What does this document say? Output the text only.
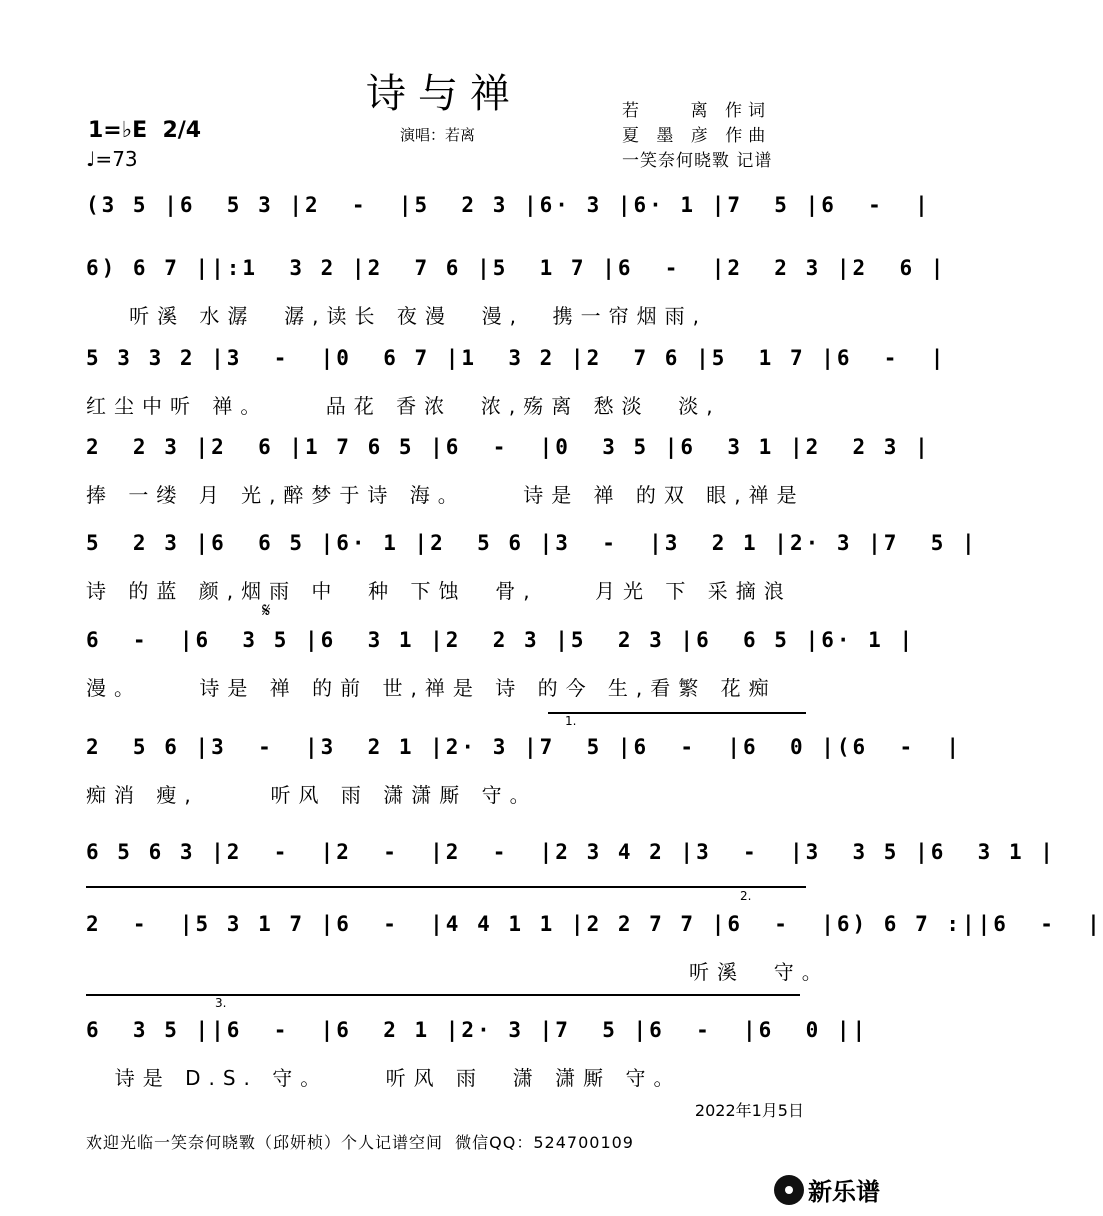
诗与禅	若    离 作词
夏 墨 彦 作曲
一笑奈何晓斁 记谱
1=♭E  2/4
♩=73
演唱：若离
(3 5 |6  5 3 |2  -  |5  2 3 |6· 3 |6· 1 |7  5 |6  -  |
6) 6 7 ||:1  3 2 |2  7 6 |5  1 7 |6  -  |2  2 3 |2  6 |
听溪 水潺  潺,读长 夜漫  漫,  携一帘烟雨,
5 3 3 2 |3  -  |0  6 7 |1  3 2 |2  7 6 |5  1 7 |6  -  |
红尘中听 禅。    品花 香浓  浓,殇离 愁淡  淡,
2  2 3 |2  6 |1 7 6 5 |6  -  |0  3 5 |6  3 1 |2  2 3 |
捧 一缕 月 光,醉梦于诗 海。    诗是 禅 的双 眼,禅是
5  2 3 |6  6 5 |6· 1 |2  5 6 |3  -  |3  2 1 |2· 3 |7  5 |
诗 的蓝 颜,烟雨 中  种 下蚀  骨,    月光 下 采摘浪
𝄋
6  -  |6  3 5 |6  3 1 |2  2 3 |5  2 3 |6  6 5 |6· 1 |
漫。    诗是 禅 的前 世,禅是 诗 的今 生,看繁 花痴
1.
2  5 6 |3  -  |3  2 1 |2· 3 |7  5 |6  -  |6  0 |(6  -  |
痴消 瘦,     听风 雨 潇潇厮 守。
6 5 6 3 |2  -  |2  -  |2  -  |2 3 4 2 |3  -  |3  3 5 |6  3 1 |
2.
2  -  |5 3 1 7 |6  -  |4 4 1 1 |2 2 7 7 |6  -  |6) 6 7 :||6  -  |
听溪  守。
3.
6  3 5 ||6  -  |6  2 1 |2· 3 |7  5 |6  -  |6  0 ||
诗是 D.S. 守。    听风 雨  潇 潇厮 守。
2022年1月5日
欢迎光临一笑奈何晓斁（邱妍桢）个人记谱空间  微信QQ：524700109
新乐谱
